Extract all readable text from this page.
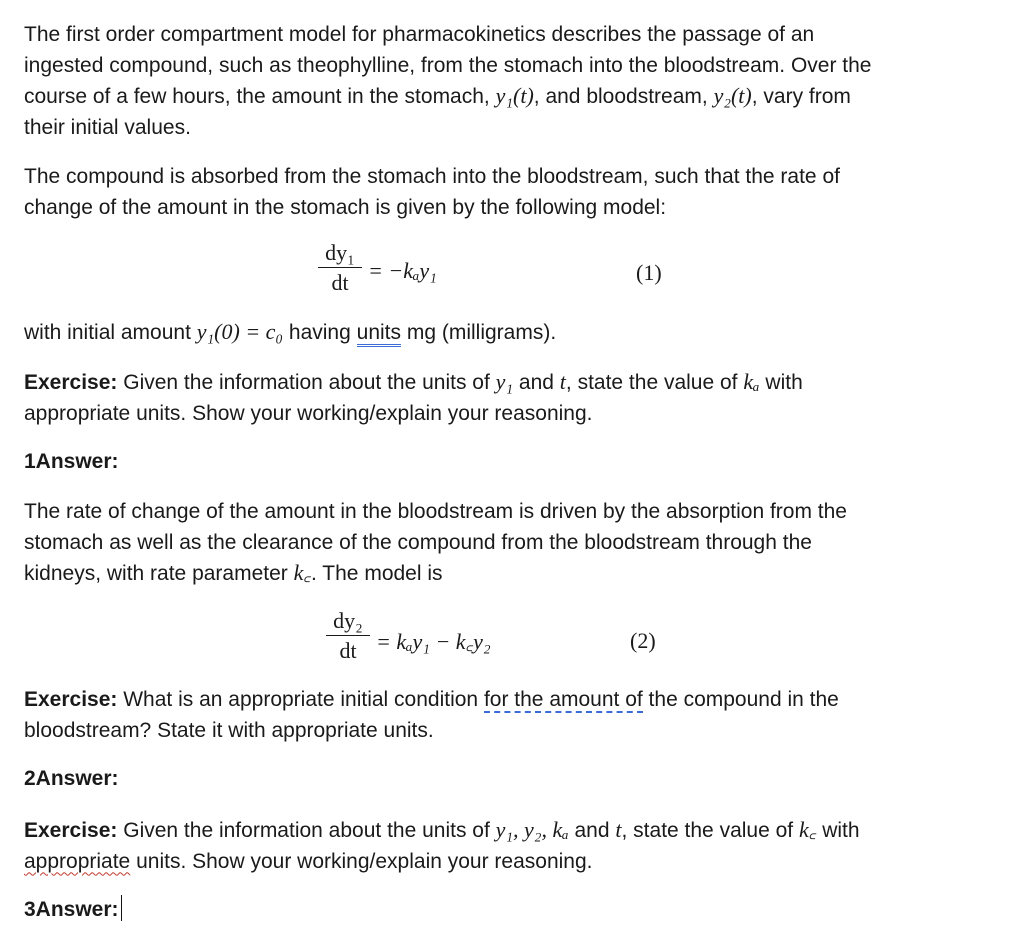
The first order compartment model for pharmacokinetics describes the passage of an
ingested compound, such as theophylline, from the stomach into the bloodstream. Over the
course of a few hours, the amount in the stomach, y₁(t), and bloodstream, y₂(t), vary from
their initial values.
The compound is absorbed from the stomach into the bloodstream, such that the rate of
change of the amount in the stomach is given by the following model:
$\frac{\text{dy₁}}{dt} = -k_ay_1$	(1)
with initial amount y₁(0) = c₀ having units mg (milligrams).
Exercise: Given the information about the units of y₁ and t, state the value of kₐ with
appropriate units. Show your working/explain your reasoning.
1Answer:
The rate of change of the amount in the bloodstream is driven by the absorption from the
stomach as well as the clearance of the compound from the bloodstream through the
kidneys, with rate parameter k꜀. The model is
$\frac{\text{dy₂}}{dt} = k_ay_1$ − k꜀y₂	(2)
Exercise: What is an appropriate initial condition for the amount of the compound in the
bloodstream? State it with appropriate units.
2Answer:
Exercise: Given the information about the units of y₁, y₂, kₐ and t, state the value of k꜀ with
appropriate units. Show your working/explain your reasoning.
3Answer:
